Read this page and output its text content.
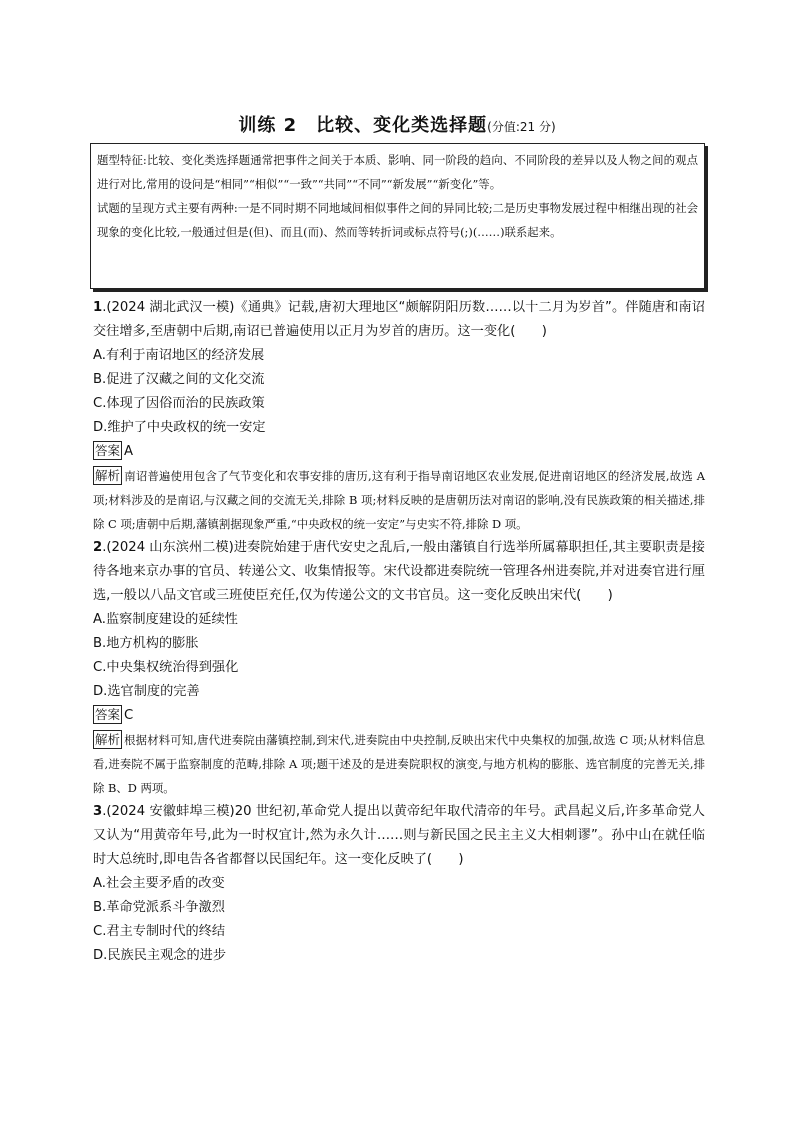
训练 2　比较、变化类选择题(分值:21 分)

题型特征:比较、变化类选择题通常把事件之间关于本质、影响、同一阶段的趋向、不同阶段的差异以及人物之间的观点进行对比,常用的设问是“相同”“相似”“一致”“共同”“不同”“新发展”“新变化”等。

试题的呈现方式主要有两种:一是不同时期不同地域间相似事件之间的异同比较;二是历史事物发展过程中相继出现的社会现象的变化比较,一般通过但是(但)、而且(而)、然而等转折词或标点符号(;)(……)联系起来。

1.(2024 湖北武汉一模)《通典》记载,唐初大理地区“颇解阴阳历数……以十二月为岁首”。伴随唐和南诏交往增多,至唐朝中后期,南诏已普遍使用以正月为岁首的唐历。这一变化(　　)

A.有利于南诏地区的经济发展

B.促进了汉藏之间的文化交流

C.体现了因俗而治的民族政策

D.维护了中央政权的统一安定

答案 A

解析 南诏普遍使用包含了气节变化和农事安排的唐历,这有利于指导南诏地区农业发展,促进南诏地区的经济发展,故选 A 项;材料涉及的是南诏,与汉藏之间的交流无关,排除 B 项;材料反映的是唐朝历法对南诏的影响,没有民族政策的相关描述,排除 C 项;唐朝中后期,藩镇割据现象严重,“中央政权的统一安定”与史实不符,排除 D 项。

2.(2024 山东滨州二模)进奏院始建于唐代安史之乱后,一般由藩镇自行选举所属幕职担任,其主要职责是接待各地来京办事的官员、转递公文、收集情报等。宋代设都进奏院统一管理各州进奏院,并对进奏官进行厘选,一般以八品文官或三班使臣充任,仅为传递公文的文书官员。这一变化反映出宋代(　　)

A.监察制度建设的延续性

B.地方机构的膨胀

C.中央集权统治得到强化

D.选官制度的完善

答案 C

解析 根据材料可知,唐代进奏院由藩镇控制,到宋代,进奏院由中央控制,反映出宋代中央集权的加强,故选 C 项;从材料信息看,进奏院不属于监察制度的范畴,排除 A 项;题干述及的是进奏院职权的演变,与地方机构的膨胀、选官制度的完善无关,排除 B、D 两项。

3.(2024 安徽蚌埠三模)20 世纪初,革命党人提出以黄帝纪年取代清帝的年号。武昌起义后,许多革命党人又认为“用黄帝年号,此为一时权宜计,然为永久计……则与新民国之民主主义大相刺谬”。孙中山在就任临时大总统时,即电告各省都督以民国纪年。这一变化反映了(　　)

A.社会主要矛盾的改变

B.革命党派系斗争激烈

C.君主专制时代的终结

D.民族民主观念的进步
